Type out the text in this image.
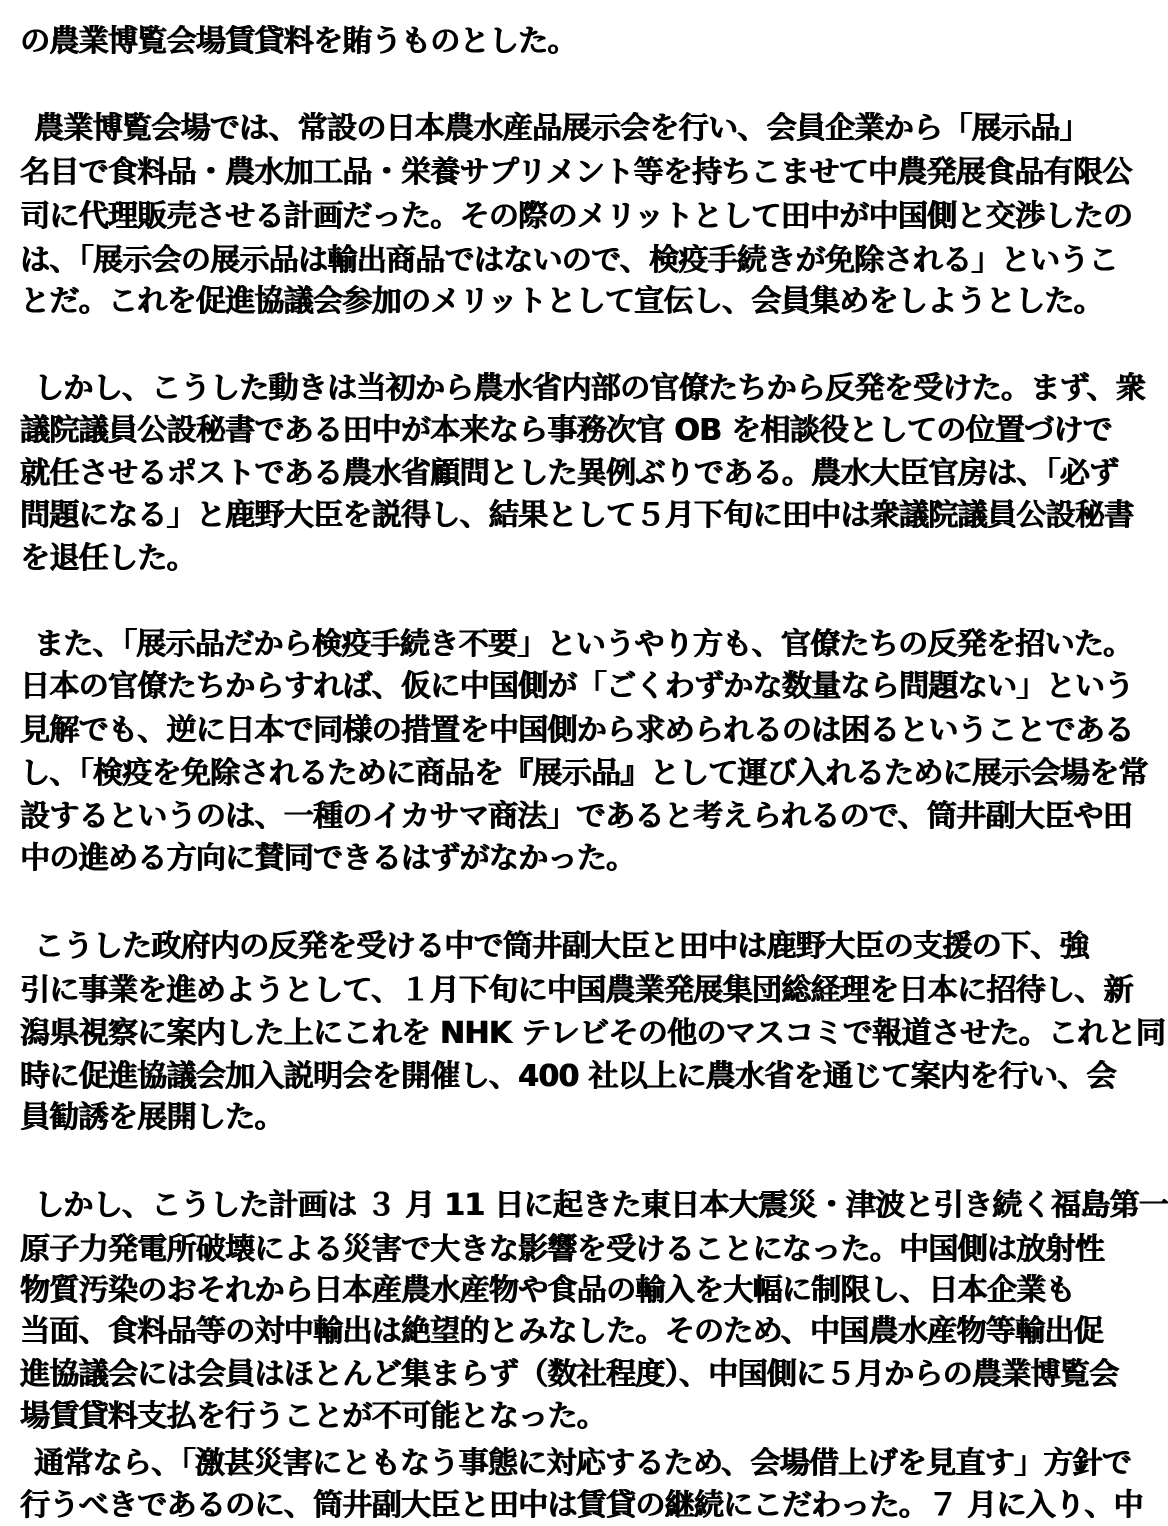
の農業博覧会場賃貸料を賄うものとした。
農業博覧会場では、常設の日本農水産品展示会を行い、会員企業から「展示品」
名目で食料品・農水加工品・栄養サプリメント等を持ちこませて中農発展食品有限公
司に代理販売させる計画だった。その際のメリットとして田中が中国側と交渉したの
は、「展示会の展示品は輸出商品ではないので、検疫手続きが免除される」というこ
とだ。これを促進協議会参加のメリットとして宣伝し、会員集めをしようとした。
しかし、こうした動きは当初から農水省内部の官僚たちから反発を受けた。まず、衆
議院議員公設秘書である田中が本来なら事務次官 OB を相談役としての位置づけで
就任させるポストである農水省顧問とした異例ぶりである。農水大臣官房は、「必ず
問題になる」と鹿野大臣を説得し、結果として５月下旬に田中は衆議院議員公設秘書
を退任した。
また、「展示品だから検疫手続き不要」というやり方も、官僚たちの反発を招いた。
日本の官僚たちからすれば、仮に中国側が「ごくわずかな数量なら問題ない」という
見解でも、逆に日本で同様の措置を中国側から求められるのは困るということである
し、「検疫を免除されるために商品を『展示品』として運び入れるために展示会場を常
設するというのは、一種のイカサマ商法」であると考えられるので、筒井副大臣や田
中の進める方向に賛同できるはずがなかった。
こうした政府内の反発を受ける中で筒井副大臣と田中は鹿野大臣の支援の下、強
引に事業を進めようとして、１月下旬に中国農業発展集団総経理を日本に招待し、新
潟県視察に案内した上にこれを NHK テレビその他のマスコミで報道させた。これと同
時に促進協議会加入説明会を開催し、400 社以上に農水省を通じて案内を行い、会
員勧誘を展開した。
しかし、こうした計画は ３ 月 11 日に起きた東日本大震災・津波と引き続く福島第一
原子力発電所破壊による災害で大きな影響を受けることになった。中国側は放射性
物質汚染のおそれから日本産農水産物や食品の輸入を大幅に制限し、日本企業も
当面、食料品等の対中輸出は絶望的とみなした。そのため、中国農水産物等輸出促
進協議会には会員はほとんど集まらず（数社程度）、中国側に５月からの農業博覧会
場賃貸料支払を行うことが不可能となった。
通常なら、「激甚災害にともなう事態に対応するため、会場借上げを見直す」方針で
行うべきであるのに、筒井副大臣と田中は賃貸の継続にこだわった。７ 月に入り、中
